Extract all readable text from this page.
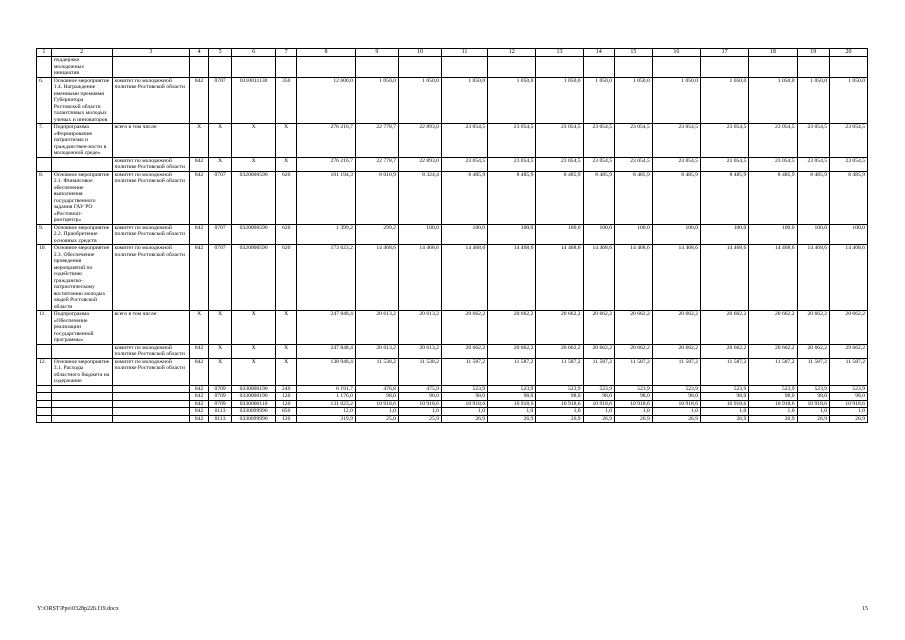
1	2	3	4	5	6	7	8	9	10	11	12	13	14	15	16	17	18	19	20
	поддержке молодежных инициатив																		
6.	Основное мероприятие 1.4. Награждение именными премиями Губернатора Ростовской области талантливых молодых ученых и инноваторов	комитет по молодежной политике Ростовской области	842	0707	0310011130	350	12 600,0	1 050,0	1 050,0	1 050,0	1 050,0	1 050,0	1 050,0	1 050,0	1 050,0	1 050,0	1 050,0	1 050,0	1 050,0
7.	Подпрограмма «Формирование патриотизма и гражданствен-ности в молодежной среде»	всего в том числе:	Х	Х	Х	Х	276 216,7	22 778,7	22 893,0	23 054,5	23 054,5	23 054,5	23 054,5	23 054,5	23 054,5	23 054,5	23 054,5	23 054,5	23 054,5
		комитет по молодежной политике Ростовской области	842	Х	Х	Х	276 216,7	22 778,7	22 893,0	23 054,5	23 054,5	23 054,5	23 054,5	23 054,5	23 054,5	23 054,5	23 054,5	23 054,5	23 054,5
8.	Основное мероприятие 2.1. Финансовое обеспечение выполнения государственного задания ГАУ РО «Ростовпат-риотцентр»	комитет по молодежной политике Ростовской области	842	0707	0320000590	620	101 194,3	8 010,9	8 324,4	8 485,9	8 485,9	8 485,9	8 485,9	8 485,9	8 485,9	8 485,9	8 485,9	8 485,9	8 485,9
9.	Основное мероприятие 2.2. Приобретение основных средств	комитет по молодежной политике Ростовской области	842	0707	0320000590	620	1 399,2	299,2	100,0	100,0	100,0	100,0	100,0	100,0	100,0	100,0	100,0	100,0	100,0
10.	Основное мероприятие 2.3. Обеспечение проведения мероприятий по содействию гражданско-патриотическому воспитанию молодых людей Ростовской области	комитет по молодежной политике Ростовской области	842	0707	0320000590	620	173 623,2	14 468,6	14 468,6	14 468,6	14 468,6	14 468,6	14 468,6	14 468,6	14 468,6	14 468,6	14 468,6	14 468,6	14 468,6
11.	Подпрограмма «Обеспечение реализации государственной программы»	всего в том числе:	Х	Х	Х	Х	247 848,4	20 613,2	20 613,2	20 662,2	20 662,2	20 662,2	20 662,2	20 662,2	20 662,2	20 662,2	20 662,2	20 662,2	20 662,2
		комитет по молодежной политике Ростовской области	842	Х	Х	Х	247 848,4	20 613,2	20 613,2	20 662,2	20 662,2	20 662,2	20 662,2	20 662,2	20 662,2	20 662,2	20 662,2	20 662,2	29 662,2
12.	Основное мероприятие 3.1. Расходы областного бюджета на содержание	комитет по молодежной политике Ростовской области	842	Х	Х	Х	138 948,4	11 538,2	11 538,2	11 587,2	11 587,2	11 587,2	11 587,2	11 587,2	11 587,2	11 587,2	11 587,2	11 587,2	11 587,2
			842	0709	0330000190	240	6 191,7	476,8	475,9	523,9	523,9	523,9	523,9	523,9	523,9	523,9	523,9	523,9	523,9
			842	0709	0330000190	120	1 176,0	98,0	98,0	98,0	98,0	98,0	98,0	98,0	98,0	98,0	98,0	98,0	98,0
			842	0709	0330000110	120	131 023,2	10 918,6	10 918,6	10 918,6	10 918,6	10 918,6	10 918,6	10 918,6	10 918,6	10 918,6	10 918,6	10 918,6	10 918,6
			842	0113	0330099990	850	12,0	1,0	1,0	1,0	1,0	1,0	1,0	1,0	1,0	1,0	1,0	1,0	1,0
			842	0113	0330099990	120	319,9	25,0	25,9	26,9	26,9	26,9	26,9	26,9	26,9	26,9	26,9	26,9	26,9
Y:\ORST\Ppo\0328p226.f19.docx	15
